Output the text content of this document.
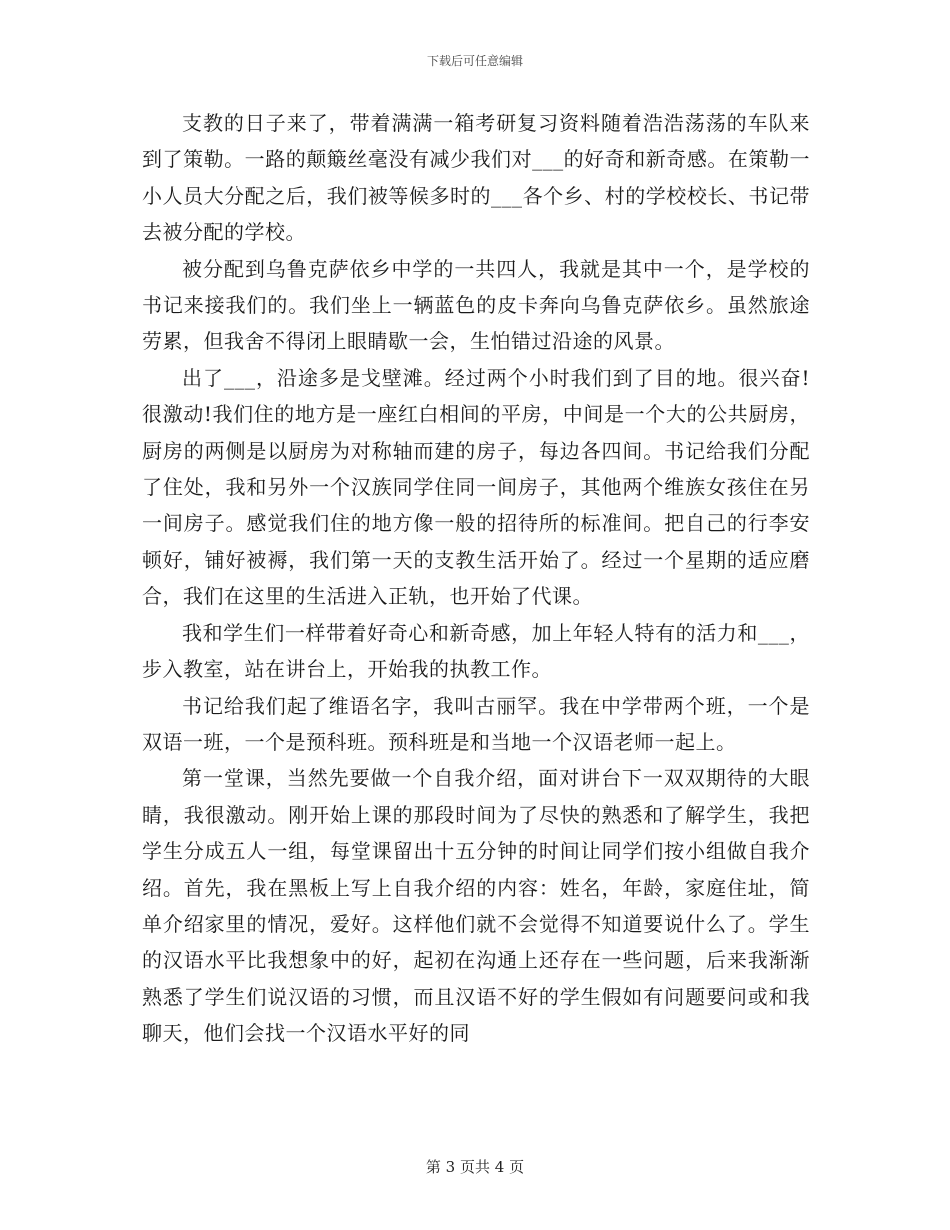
下载后可任意编辑

支教的日子来了，带着满满一箱考研复习资料随着浩浩荡荡的车队来到了策勒。一路的颠簸丝毫没有减少我们对___的好奇和新奇感。在策勒一小人员大分配之后，我们被等候多时的___各个乡、村的学校校长、书记带去被分配的学校。

被分配到乌鲁克萨依乡中学的一共四人，我就是其中一个，是学校的书记来接我们的。我们坐上一辆蓝色的皮卡奔向乌鲁克萨依乡。虽然旅途劳累，但我舍不得闭上眼睛歇一会，生怕错过沿途的风景。

出了___，沿途多是戈壁滩。经过两个小时我们到了目的地。很兴奋!很激动!我们住的地方是一座红白相间的平房，中间是一个大的公共厨房，厨房的两侧是以厨房为对称轴而建的房子，每边各四间。书记给我们分配了住处，我和另外一个汉族同学住同一间房子，其他两个维族女孩住在另一间房子。感觉我们住的地方像一般的招待所的标准间。把自己的行李安顿好，铺好被褥，我们第一天的支教生活开始了。经过一个星期的适应磨合，我们在这里的生活进入正轨，也开始了代课。

我和学生们一样带着好奇心和新奇感，加上年轻人特有的活力和___，步入教室，站在讲台上，开始我的执教工作。

书记给我们起了维语名字，我叫古丽罕。我在中学带两个班，一个是双语一班，一个是预科班。预科班是和当地一个汉语老师一起上。

第一堂课，当然先要做一个自我介绍，面对讲台下一双双期待的大眼睛，我很激动。刚开始上课的那段时间为了尽快的熟悉和了解学生，我把学生分成五人一组，每堂课留出十五分钟的时间让同学们按小组做自我介绍。首先，我在黑板上写上自我介绍的内容：姓名，年龄，家庭住址，简单介绍家里的情况，爱好。这样他们就不会觉得不知道要说什么了。学生的汉语水平比我想象中的好，起初在沟通上还存在一些问题，后来我渐渐熟悉了学生们说汉语的习惯，而且汉语不好的学生假如有问题要问或和我聊天，他们会找一个汉语水平好的同

第 3 页共 4 页
